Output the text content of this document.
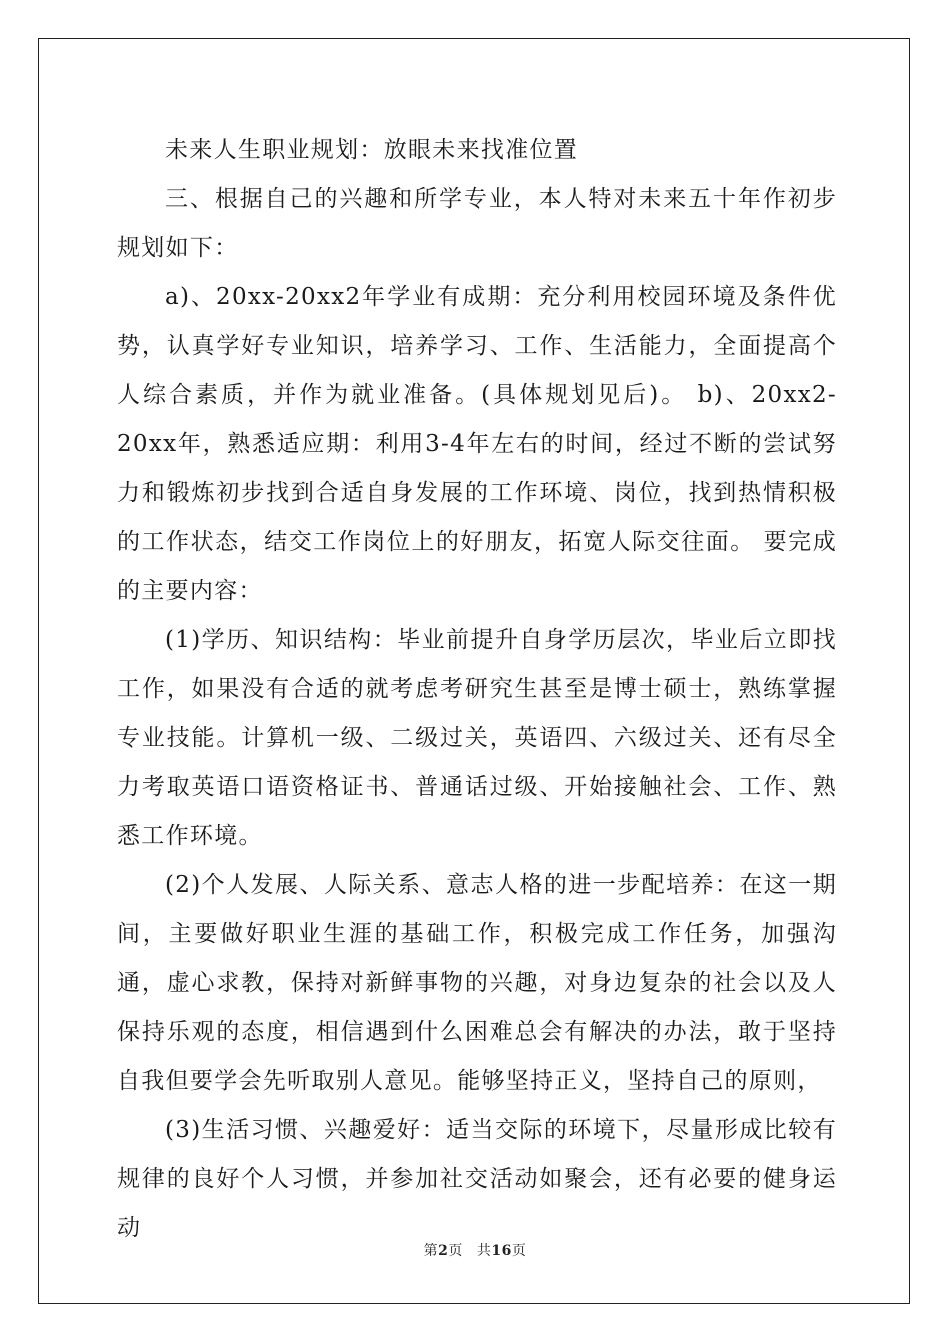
未来人生职业规划：放眼未来找准位置

三、根据自己的兴趣和所学专业，本人特对未来五十年作初步规划如下：

a)、20xx-20xx2年学业有成期：充分利用校园环境及条件优势，认真学好专业知识，培养学习、工作、生活能力，全面提高个人综合素质，并作为就业准备。(具体规划见后)。 b)、20xx2-20xx年，熟悉适应期：利用3-4年左右的时间，经过不断的尝试努力和锻炼初步找到合适自身发展的工作环境、岗位，找到热情积极的工作状态，结交工作岗位上的好朋友，拓宽人际交往面。 要完成的主要内容：

(1)学历、知识结构：毕业前提升自身学历层次，毕业后立即找工作，如果没有合适的就考虑考研究生甚至是博士硕士，熟练掌握专业技能。计算机一级、二级过关，英语四、六级过关、还有尽全力考取英语口语资格证书、普通话过级、开始接触社会、工作、熟悉工作环境。

(2)个人发展、人际关系、意志人格的进一步配培养：在这一期间，主要做好职业生涯的基础工作，积极完成工作任务，加强沟通，虚心求教，保持对新鲜事物的兴趣，对身边复杂的社会以及人保持乐观的态度，相信遇到什么困难总会有解决的办法，敢于坚持自我但要学会先听取别人意见。能够坚持正义，坚持自己的原则，

(3)生活习惯、兴趣爱好：适当交际的环境下，尽量形成比较有规律的良好个人习惯，并参加社交活动如聚会，还有必要的健身运动

第2页 共16页
